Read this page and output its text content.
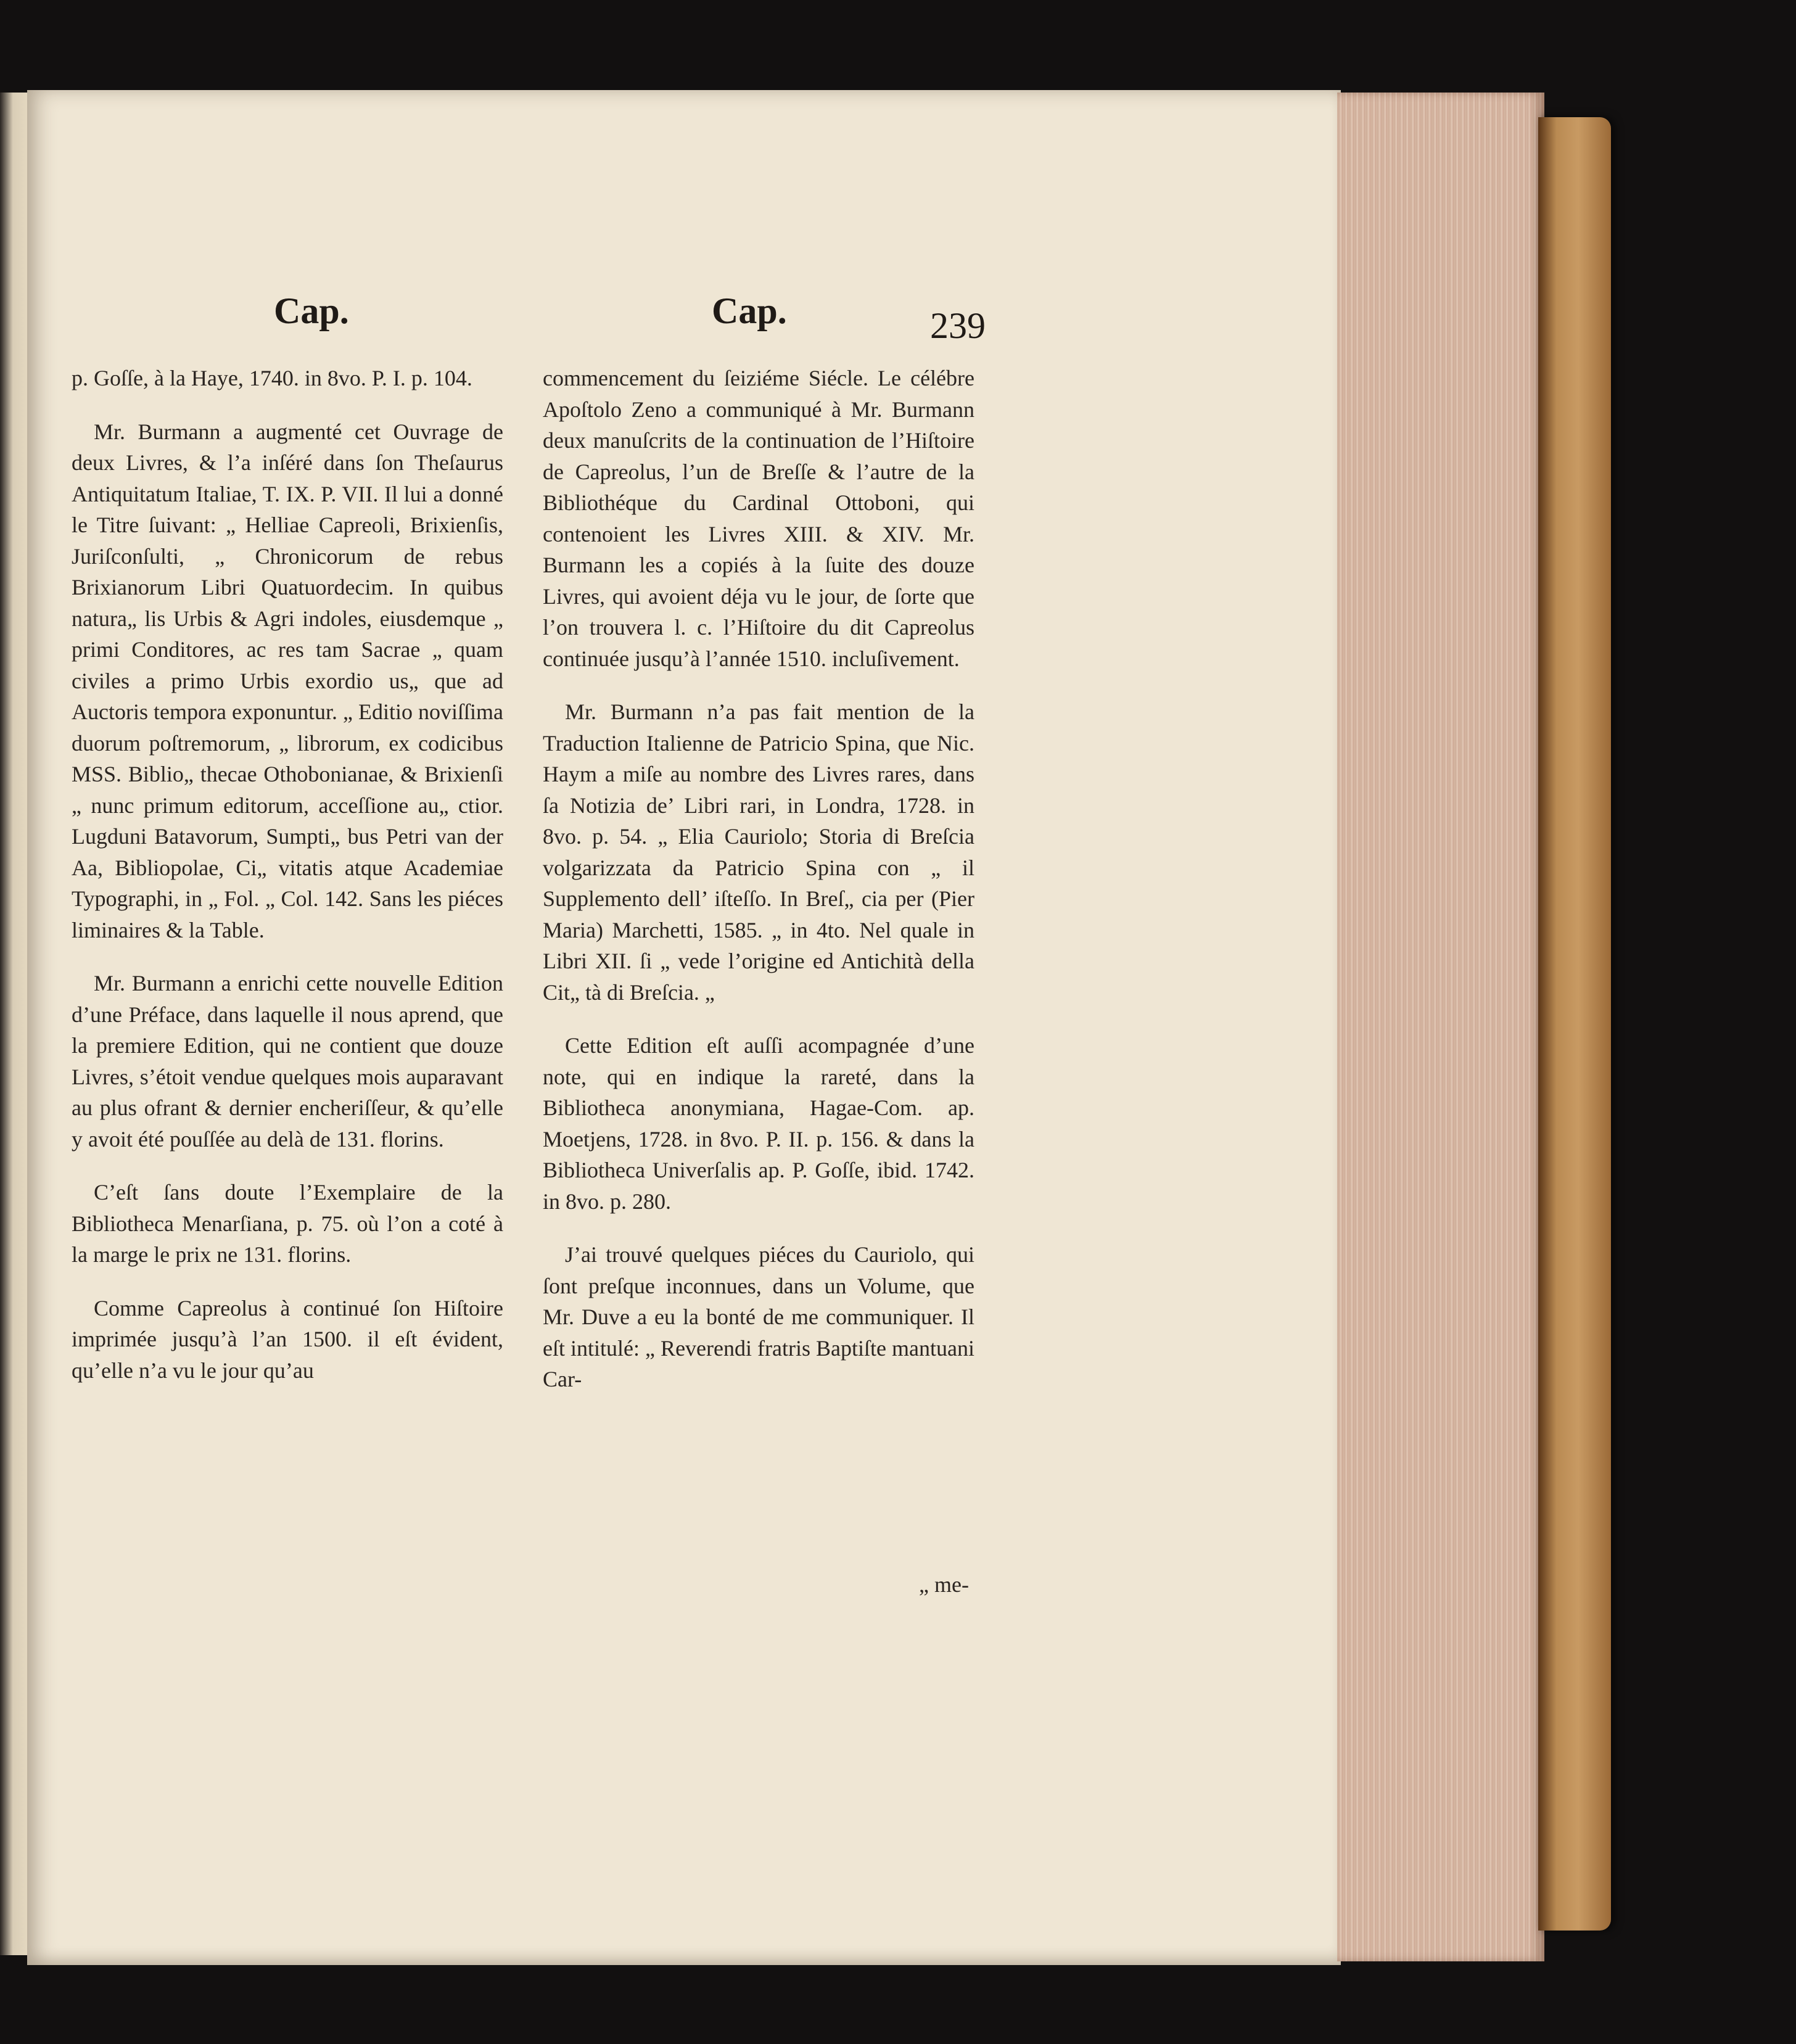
Cap.	Cap.	239

p. Goſſe, à la Haye, 1740. in 8vo. P. I. p. 104.

Mr. Burmann a augmenté cet Ouvrage de deux Livres, & l’a inſéré dans ſon Theſaurus Antiquitatum Italiae, T. IX. P. VII. Il lui a donné le Titre ſuivant: „ Helliae Capreoli, Brixienſis, Juriſconſulti, „ Chronicorum de rebus Brixianorum Libri Quatuordecim. In quibus natura„ lis Urbis & Agri indoles, eiusdemque „ primi Conditores, ac res tam Sacrae „ quam civiles a primo Urbis exordio us„ que ad Auctoris tempora exponuntur. „ Editio noviſſima duorum poſtremorum, „ librorum, ex codicibus MSS. Biblio„ thecae Othobonianae, & Brixienſi „ nunc primum editorum, acceſſione au„ ctior. Lugduni Batavorum, Sumpti„ bus Petri van der Aa, Bibliopolae, Ci„ vitatis atque Academiae Typographi, in „ Fol. „ Col. 142. Sans les piéces liminaires & la Table.

Mr. Burmann a enrichi cette nouvelle Edition d’une Préface, dans laquelle il nous aprend, que la premiere Edition, qui ne contient que douze Livres, s’étoit vendue quelques mois auparavant au plus ofrant & dernier encheriſſeur, & qu’elle y avoit été pouſſée au delà de 131. florins.

C’eſt ſans doute l’Exemplaire de la Bibliotheca Menarſiana, p. 75. où l’on a coté à la marge le prix ne 131. florins.

Comme Capreolus à continué ſon Hiſtoire imprimée jusqu’à l’an 1500. il eſt évident, qu’elle n’a vu le jour qu’au

commencement du ſeiziéme Siécle. Le célébre Apoſtolo Zeno a communiqué à Mr. Burmann deux manuſcrits de la continuation de l’Hiſtoire de Capreolus, l’un de Breſſe & l’autre de la Bibliothéque du Cardinal Ottoboni, qui contenoient les Livres XIII. & XIV. Mr. Burmann les a copiés à la ſuite des douze Livres, qui avoient déja vu le jour, de ſorte que l’on trouvera l. c. l’Hiſtoire du dit Capreolus continuée jusqu’à l’année 1510. incluſivement.

Mr. Burmann n’a pas fait mention de la Traduction Italienne de Patricio Spina, que Nic. Haym a miſe au nombre des Livres rares, dans ſa Notizia de’ Libri rari, in Londra, 1728. in 8vo. p. 54. „ Elia Cauriolo; Storia di Breſcia volgarizzata da Patricio Spina con „ il Supplemento dell’ iſteſſo. In Breſ„ cia per (Pier Maria) Marchetti, 1585. „ in 4to. Nel quale in Libri XII. ſi „ vede l’origine ed Antichità della Cit„ tà di Breſcia. „

Cette Edition eſt auſſi acompagnée d’une note, qui en indique la rareté, dans la Bibliotheca anonymiana, Hagae-Com. ap. Moetjens, 1728. in 8vo. P. II. p. 156. & dans la Bibliotheca Univerſalis ap. P. Goſſe, ibid. 1742. in 8vo. p. 280.

J’ai trouvé quelques piéces du Cauriolo, qui ſont preſque inconnues, dans un Volume, que Mr. Duve a eu la bonté de me communiquer. Il eſt intitulé: „ Reverendi fratris Baptiſte mantuani Car-

„ me-
